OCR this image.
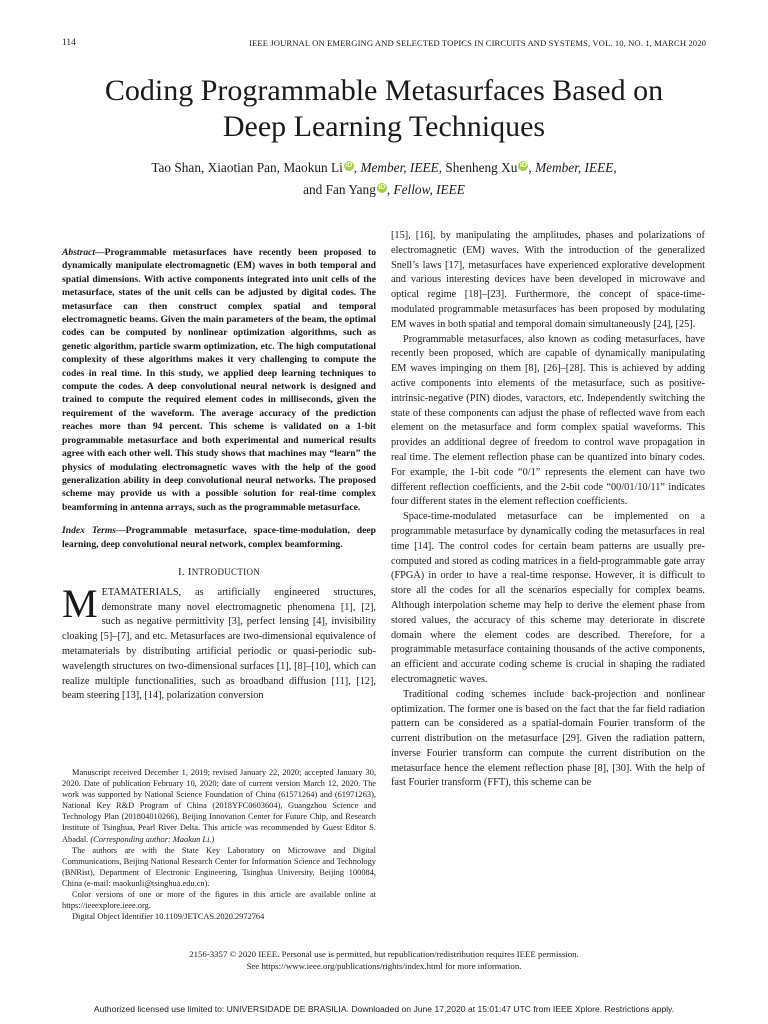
114	IEEE JOURNAL ON EMERGING AND SELECTED TOPICS IN CIRCUITS AND SYSTEMS, VOL. 10, NO. 1, MARCH 2020
Coding Programmable Metasurfaces Based on
Deep Learning Techniques
Tao Shan, Xiaotian Pan, Maokun Li iD , Member, IEEE, Shenheng Xu iD , Member, IEEE,
and Fan Yang iD , Fellow, IEEE
Abstract—Programmable metasurfaces have recently been proposed to dynamically manipulate electromagnetic (EM) waves in both temporal and spatial dimensions. With active components integrated into unit cells of the metasurface, states of the unit cells can be adjusted by digital codes. The metasurface can then construct complex spatial and temporal electromagnetic beams. Given the main parameters of the beam, the optimal codes can be computed by nonlinear optimization algorithms, such as genetic algorithm, particle swarm optimization, etc. The high computational complexity of these algorithms makes it very challenging to compute the codes in real time. In this study, we applied deep learning techniques to compute the codes. A deep convolutional neural network is designed and trained to compute the required element codes in milliseconds, given the requirement of the waveform. The average accuracy of the prediction reaches more than 94 percent. This scheme is validated on a 1-bit programmable metasurface and both experimental and numerical results agree with each other well. This study shows that machines may “learn” the physics of modulating electromagnetic waves with the help of the good generalization ability in deep convolutional neural networks. The proposed scheme may provide us with a possible solution for real-time complex beamforming in antenna arrays, such as the programmable metasurface.
Index Terms—Programmable metasurface, space-time-modulation, deep learning, deep convolutional neural network, complex beamforming.
I. INTRODUCTION

METAMATERIALS, as artificially engineered structures, demonstrate many novel electromagnetic phenomena [1], [2], such as negative permittivity [3], perfect lensing [4], invisibility cloaking [5]–[7], and etc. Metasurfaces are two-dimensional equivalence of metamaterials by distributing artificial periodic or quasi-periodic sub-wavelength structures on two-dimensional surfaces [1], [8]–[10], which can realize multiple functionalities, such as broadband diffusion [11], [12], beam steering [13], [14], polarization conversion

Manuscript received December 1, 2019; revised January 22, 2020; accepted January 30, 2020. Date of publication February 10, 2020; date of current version March 12, 2020. The work was supported by National Science Foundation of China (61571264) and (61971263), National Key R&D Program of China (2018YFC0603604), Guangzhou Science and Technology Plan (201804010266), Beijing Innovation Center for Future Chip, and Research Institute of Tsinghua, Pearl River Delta. This article was recommended by Guest Editor S. Abadal. (Corresponding author: Maokun Li.)

The authors are with the State Key Laboratory on Microwave and Digital Communications, Beijing National Research Center for Information Science and Technology (BNRist), Department of Electronic Engineering, Tsinghua University, Beijing 100084, China (e-mail: maokunli@tsinghua.edu.cn).

Color versions of one or more of the figures in this article are available online at https://ieeexplore.ieee.org.

Digital Object Identifier 10.1109/JETCAS.2020.2972764

[15], [16], by manipulating the amplitudes, phases and polarizations of electromagnetic (EM) waves. With the introduction of the generalized Snell’s laws [17], metasurfaces have experienced explorative development and various interesting devices have been developed in microwave and optical regime [18]–[23]. Furthermore, the concept of space-time-modulated programmable metasurfaces has been proposed by modulating EM waves in both spatial and temporal domain simultaneously [24], [25].

Programmable metasurfaces, also known as coding metasurfaces, have recently been proposed, which are capable of dynamically manipulating EM waves impinging on them [8], [26]–[28]. This is achieved by adding active components into elements of the metasurface, such as positive-intrinsic-negative (PIN) diodes, varactors, etc. Independently switching the state of these components can adjust the phase of reflected wave from each element on the metasurface and form complex spatial waveforms. This provides an additional degree of freedom to control wave propagation in real time. The element reflection phase can be quantized into binary codes. For example, the 1-bit code “0/1” represents the element can have two different reflection coefficients, and the 2-bit code “00/01/10/11” indicates four different states in the element reflection coefficients.

Space-time-modulated metasurface can be implemented on a programmable metasurface by dynamically coding the metasurfaces in real time [14]. The control codes for certain beam patterns are usually pre-computed and stored as coding matrices in a field-programmable gate array (FPGA) in order to have a real-time response. However, it is difficult to store all the codes for all the scenarios especially for complex beams. Although interpolation scheme may help to derive the element phase from stored values, the accuracy of this scheme may deteriorate in discrete domain where the element codes are described. Therefore, for a programmable metasurface containing thousands of the active components, an efficient and accurate coding scheme is crucial in shaping the radiated electromagnetic waves.

Traditional coding schemes include back-projection and nonlinear optimization. The former one is based on the fact that the far field radiation pattern can be considered as a spatial-domain Fourier transform of the current distribution on the metasurface [29]. Given the radiation pattern, inverse Fourier transform can compute the current distribution on the metasurface hence the element reflection phase [8], [30]. With the help of fast Fourier transform (FFT), this scheme can be

2156-3357 © 2020 IEEE. Personal use is permitted, but republication/redistribution requires IEEE permission.
See https://www.ieee.org/publications/rights/index.html for more information.
Authorized licensed use limited to: UNIVERSIDADE DE BRASILIA. Downloaded on June 17,2020 at 15:01:47 UTC from IEEE Xplore. Restrictions apply.
